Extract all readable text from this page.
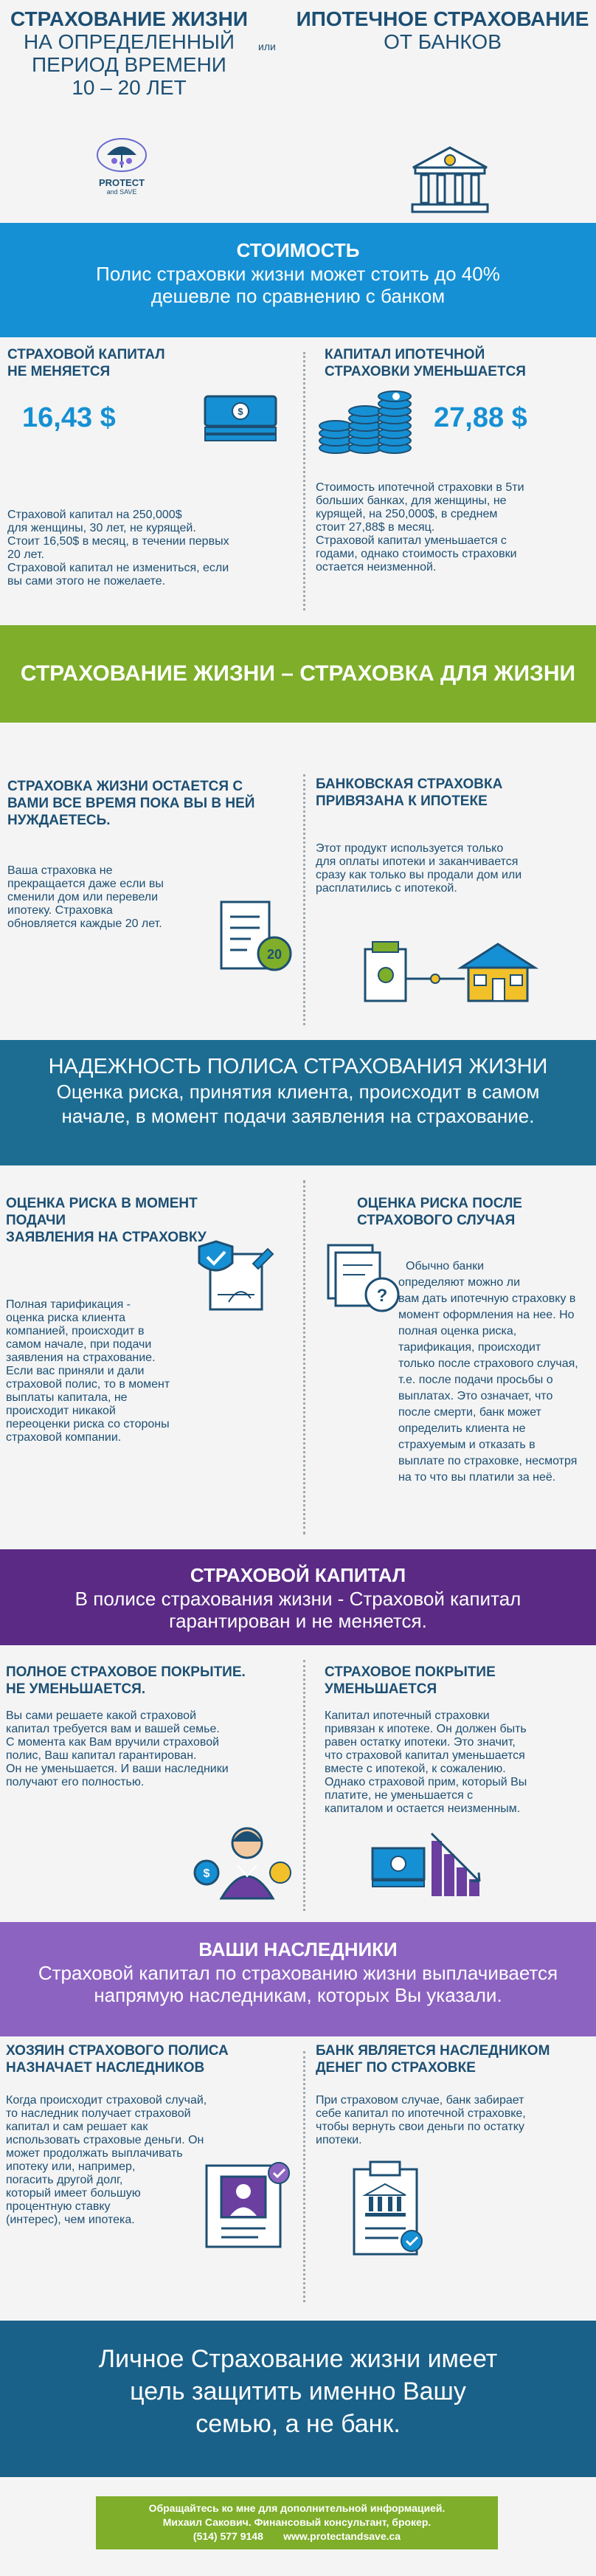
СТРАХОВАНИЕ ЖИЗНИ
НА ОПРЕДЕЛЕННЫЙ
ПЕРИОД ВРЕМЕНИ
10 – 20 ЛЕТ
или
ИПОТЕЧНОЕ СТРАХОВАНИЕ
ОТ БАНКОВ
PROTECT
and SAVE
СТОИМОСТЬ
Полис страховки жизни может стоить до 40%
дешевле по сравнению с банком
СТРАХОВОЙ КАПИТАЛ
НЕ МЕНЯЕТСЯ
16,43 $	$
Страховой капитал на 250,000$
для женщины, 30 лет, не курящей.
Стоит 16,50$ в месяц, в течении первых
20 лет.
Страховой капитал не измениться, если
вы сами этого не пожелаете.
КАПИТАЛ ИПОТЕЧНОЙ
СТРАХОВКИ УМЕНЬШАЕТСЯ
27,88 $
Стоимость ипотечной страховки в 5ти
больших банках, для женщины, не
курящей, на 250,000$, в среднем
стоит 27,88$ в месяц.
Страховой капитал уменьшается с
годами, однако стоимость страховки
остается неизменной.
СТРАХОВАНИЕ ЖИЗНИ – СТРАХОВКА ДЛЯ ЖИЗНИ
СТРАХОВКА ЖИЗНИ ОСТАЕТСЯ С
ВАМИ ВСЕ ВРЕМЯ ПОКА ВЫ В НЕЙ
НУЖДАЕТЕСЬ.
Ваша страховка не
прекращается даже если вы
сменили дом или перевели
ипотеку. Страховка
обновляется каждые 20 лет.
20
БАНКОВСКАЯ СТРАХОВКА
ПРИВЯЗАНА К ИПОТЕКЕ
Этот продукт используется только
для оплаты ипотеки и заканчивается
сразу как только вы продали дом или
расплатились с ипотекой.
НАДЕЖНОСТЬ ПОЛИСА СТРАХОВАНИЯ ЖИЗНИ
Оценка риска, принятия клиента, происходит в самом
начале, в момент подачи заявления на страхование.
ОЦЕНКА РИСКА В МОМЕНТ
ПОДАЧИ
ЗАЯВЛЕНИЯ НА СТРАХОВКУ
Полная тарификация -
оценка риска клиента
компанией, происходит в
самом начале, при подачи
заявления на страхование.
Если вас приняли и дали
страховой полис, то в момент
выплаты капитала, не
происходит никакой
переоценки риска со стороны
страховой компании.
ОЦЕНКА РИСКА ПОСЛЕ
СТРАХОВОГО СЛУЧАЯ
?
Обычно банки
определяют можно ли
вам дать ипотечную страховку в
момент оформления на нее. Но
полная оценка риска,
тарификация, происходит
только после страхового случая,
т.е. после подачи просьбы о
выплатах. Это означает, что
после смерти, банк может
определить клиента не
страхуемым и отказать в
выплате по страховке, несмотря
на то что вы платили за неё.
СТРАХОВОЙ КАПИТАЛ
В полисе страхования жизни - Страховой капитал
гарантирован и не меняется.
ПОЛНОЕ СТРАХОВОЕ ПОКРЫТИЕ.
НЕ УМЕНЬШАЕТСЯ.
Вы сами решаете какой страховой
капитал требуется вам и вашей семье.
С момента как Вам вручили страховой
полис, Ваш капитал гарантирован.
Он не уменьшается. И ваши наследники
получают его полностью.
$
СТРАХОВОЕ ПОКРЫТИЕ
УМЕНЬШАЕТСЯ
Капитал ипотечный страховки
привязан к ипотеке. Он должен быть
равен остатку ипотеки. Это значит,
что страховой капитал уменьшается
вместе с ипотекой, к сожалению.
Однако страховой прим, который Вы
платите, не уменьшается с
капиталом и остается неизменным.
ВАШИ НАСЛЕДНИКИ
Страховой капитал по страхованию жизни выплачивается
напрямую наследникам, которых Вы указали.
ХОЗЯИН СТРАХОВОГО ПОЛИСА
НАЗНАЧАЕТ НАСЛЕДНИКОВ
Когда происходит страховой случай,
то наследник получает страховой
капитал и сам решает как
использовать страховые деньги. Он
может продолжать выплачивать
ипотеку или, например,
погасить другой долг,
который имеет большую
процентную ставку
(интерес), чем ипотека.
БАНК ЯВЛЯЕТСЯ НАСЛЕДНИКОМ
ДЕНЕГ ПО СТРАХОВКЕ
При страховом случае, банк забирает
себе капитал по ипотечной страховке,
чтобы вернуть свои деньги по остатку
ипотеки.
Личное Страхование жизни имеет
цель защитить именно Вашу
семью, а не банк.
Обращайтесь ко мне для дополнительной информацией.
Михаил Сакович. Финансовый консультант, брокер.
(514) 577 9148 www.protectandsave.ca
